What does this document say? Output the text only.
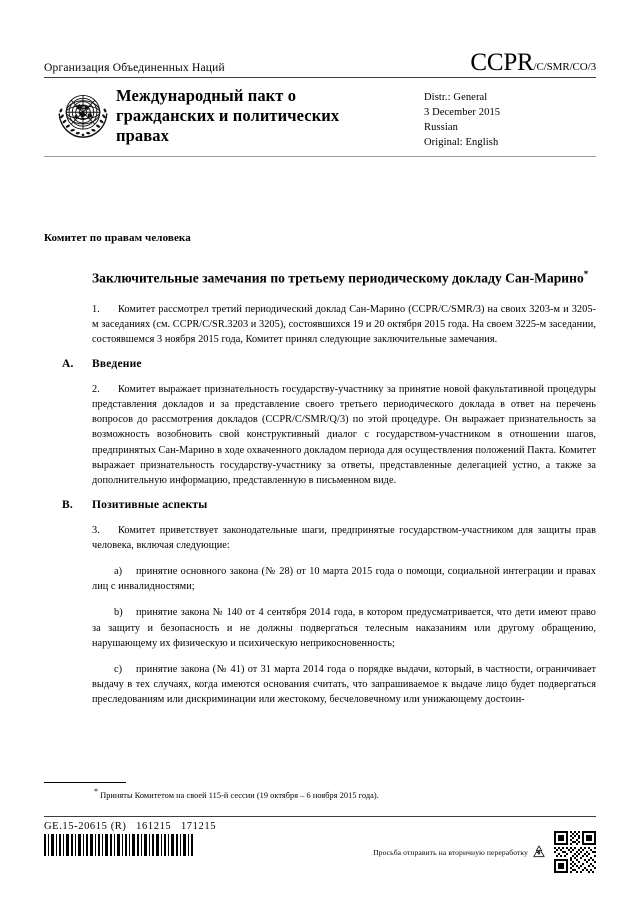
Организация Объединенных Наций	CCPR/C/SMR/CO/3
Международный пакт о гражданских и политических правах
Distr.: General
3 December 2015
Russian
Original: English
Комитет по правам человека
Заключительные замечания по третьему периодическому докладу Сан-Марино*
1. Комитет рассмотрел третий периодический доклад Сан-Марино (CCPR/C/SMR/3) на своих 3203-м и 3205-м заседаниях (см. CCPR/C/SR.3203 и 3205), состоявшихся 19 и 20 октября 2015 года. На своем 3225-м заседании, состоявшемся 3 ноября 2015 года, Комитет принял следующие заключительные замечания.
A. Введение
2. Комитет выражает признательность государству-участнику за принятие новой факультативной процедуры представления докладов и за представление своего третьего периодического доклада в ответ на перечень вопросов до рассмотрения докладов (CCPR/C/SMR/Q/3) по этой процедуре. Он выражает признательность за возможность возобновить свой конструктивный диалог с государством-участником в отношении шагов, предпринятых Сан-Марино в ходе охваченного докладом периода для осуществления положений Пакта. Комитет выражает признательность государству-участнику за ответы, представленные делегацией устно, а также за дополнительную информацию, представленную в письменном виде.
B. Позитивные аспекты
3. Комитет приветствует законодательные шаги, предпринятые государством-участником для защиты прав человека, включая следующие:
a) принятие основного закона (№ 28) от 10 марта 2015 года о помощи, социальной интеграции и правах лиц с инвалидностями;
b) принятие закона № 140 от 4 сентября 2014 года, в котором предусматривается, что дети имеют право за защиту и безопасность и не должны подвергаться телесным наказаниям или другому обращению, нарушающему их физическую и психическую неприкосновенность;
c) принятие закона (№ 41) от 31 марта 2014 года о порядке выдачи, который, в частности, ограничивает выдачу в тех случаях, когда имеются основания считать, что запрашиваемое к выдаче лицо будет подвергаться преследованиям или дискриминации или жестокому, бесчеловечному или унижающему достоин-
* Приняты Комитетом на своей 115-й сессии (19 октября – 6 ноября 2015 года).
GE.15-20615 (R)   161215   171215
Просьба отправить на вторичную переработку
